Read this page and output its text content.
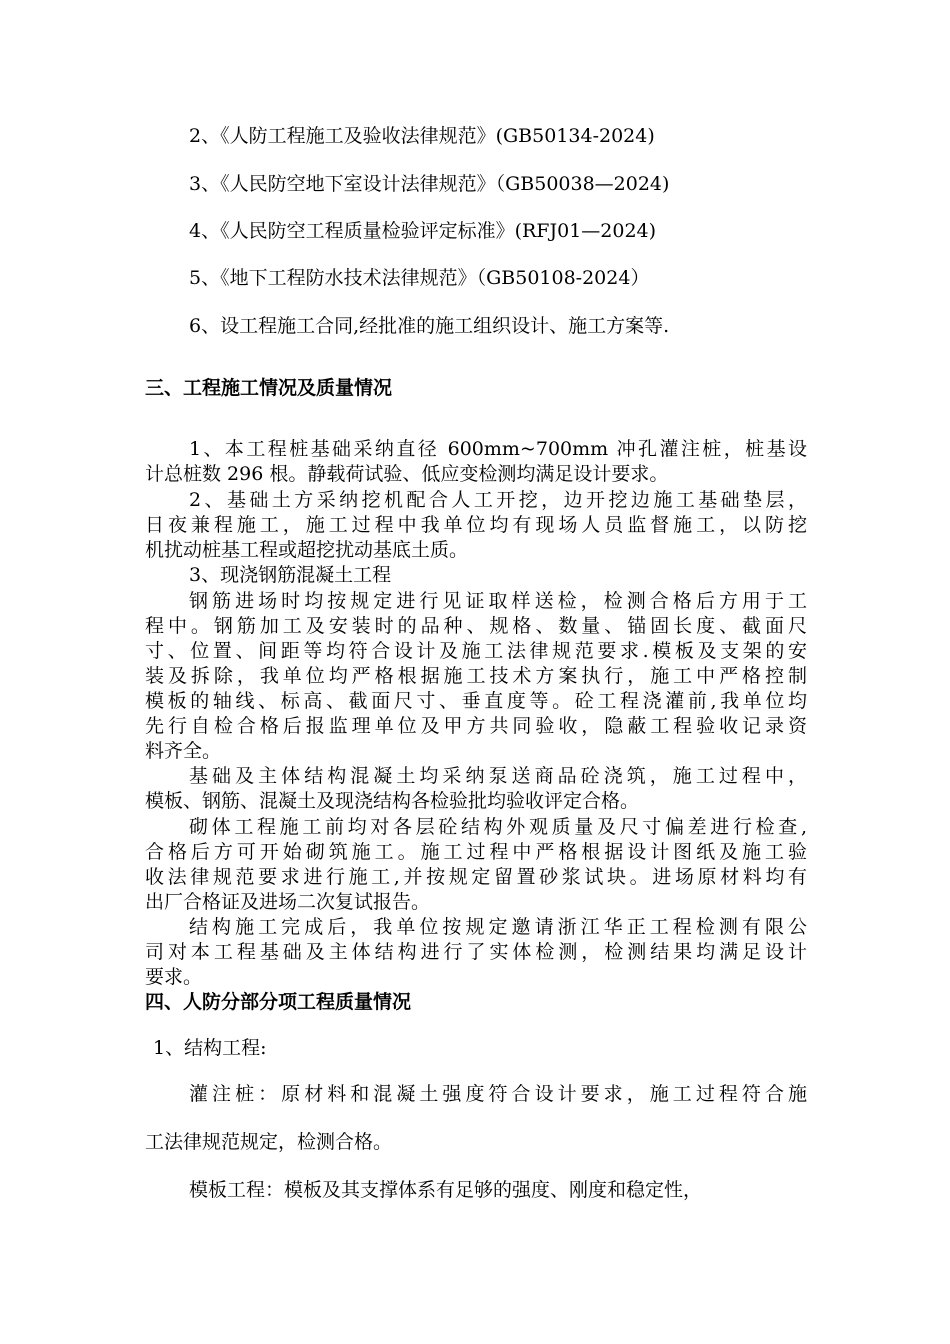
2、《人防工程施工及验收法律规范》(GB50134-2024)
3、《人民防空地下室设计法律规范》（GB50038—2024)
4、《人民防空工程质量检验评定标准》(RFJ01—2024)
5、《地下工程防水技术法律规范》（GB50108-2024）
6、设工程施工合同,经批准的施工组织设计、施工方案等.
三、工程施工情况及质量情况
1、本工程桩基础采纳直径 600mm~700mm 冲孔灌注桩，桩基设
计总桩数 296 根。静载荷试验、低应变检测均满足设计要求。
2、基础土方采纳挖机配合人工开挖，边开挖边施工基础垫层，
日夜兼程施工，施工过程中我单位均有现场人员监督施工，以防挖
机扰动桩基工程或超挖扰动基底土质。
3、现浇钢筋混凝土工程
钢筋进场时均按规定进行见证取样送检，检测合格后方用于工
程中。钢筋加工及安装时的品种、规格、数量、锚固长度、截面尺
寸、位置、间距等均符合设计及施工法律规范要求.模板及支架的安
装及拆除，我单位均严格根据施工技术方案执行，施工中严格控制
模板的轴线、标高、截面尺寸、垂直度等。砼工程浇灌前,我单位均
先行自检合格后报监理单位及甲方共同验收，隐蔽工程验收记录资
料齐全。
基础及主体结构混凝土均采纳泵送商品砼浇筑，施工过程中，
模板、钢筋、混凝土及现浇结构各检验批均验收评定合格。
砌体工程施工前均对各层砼结构外观质量及尺寸偏差进行检查,
合格后方可开始砌筑施工。施工过程中严格根据设计图纸及施工验
收法律规范要求进行施工,并按规定留置砂浆试块。进场原材料均有
出厂合格证及进场二次复试报告。
结构施工完成后，我单位按规定邀请浙江华正工程检测有限公
司对本工程基础及主体结构进行了实体检测，检测结果均满足设计
要求。
四、人防分部分项工程质量情况
1、结构工程:
灌注桩：原材料和混凝土强度符合设计要求，施工过程符合施
工法律规范规定，检测合格。
模板工程：模板及其支撑体系有足够的强度、刚度和稳定性，
